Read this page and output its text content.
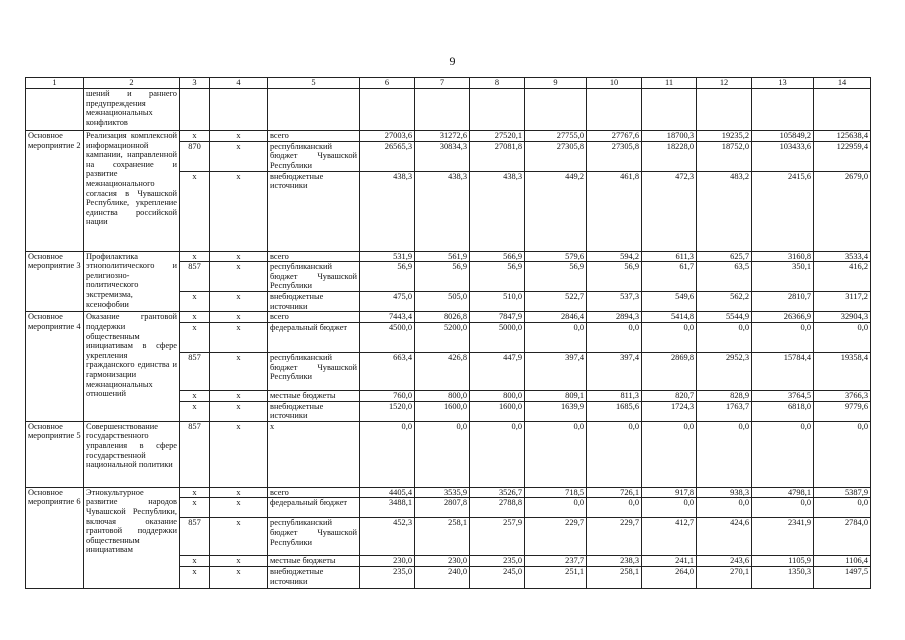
9
1	2	3	4	5	6	7	8	9	10	11	12	13	14
	шений и раннего предупреждения межнациональных конфликтов												
Основное мероприятие 2	Реализация комплексной информационной кампании, направленной на сохранение и развитие межнационального согласия в Чувашской Республике, укрепление единства российской нации	х	х	всего	27003,6	31272,6	27520,1	27755,0	27767,6	18700,3	19235,2	105849,2	125638,4
		870	х	республиканский бюджет Чувашской Республики	26565,3	30834,3	27081,8	27305,8	27305,8	18228,0	18752,0	103433,6	122959,4
		х	х	внебюджетные источники	438,3	438,3	438,3	449,2	461,8	472,3	483,2	2415,6	2679,0
Основное мероприятие 3	Профилактика этнополитического и религиозно-политического экстремизма, ксенофобии	х	х	всего	531,9	561,9	566,9	579,6	594,2	611,3	625,7	3160,8	3533,4
		857	х	республиканский бюджет Чувашской Республики	56,9	56,9	56,9	56,9	56,9	61,7	63,5	350,1	416,2
		х	х	внебюджетные источники	475,0	505,0	510,0	522,7	537,3	549,6	562,2	2810,7	3117,2
Основное мероприятие 4	Оказание грантовой поддержки общественным инициативам в сфере укрепления гражданского единства и гармонизации межнациональных отношений	х	х	всего	7443,4	8026,8	7847,9	2846,4	2894,3	5414,8	5544,9	26366,9	32904,3
		х	х	федеральный бюджет	4500,0	5200,0	5000,0	0,0	0,0	0,0	0,0	0,0	0,0
		857	х	республиканский бюджет Чувашской Республики	663,4	426,8	447,9	397,4	397,4	2869,8	2952,3	15784,4	19358,4
		х	х	местные бюджеты	760,0	800,0	800,0	809,1	811,3	820,7	828,9	3764,5	3766,3
		х	х	внебюджетные источники	1520,0	1600,0	1600,0	1639,9	1685,6	1724,3	1763,7	6818,0	9779,6
Основное мероприятие 5	Совершенствование государственного управления в сфере государственной национальной политики	857	х	х	0,0	0,0	0,0	0,0	0,0	0,0	0,0	0,0	0,0
Основное мероприятие 6	Этнокультурное развитие народов Чувашской Республики, включая оказание грантовой поддержки общественным инициативам	х	х	всего	4405,4	3535,9	3526,7	718,5	726,1	917,8	938,3	4798,1	5387,9
		х	х	федеральный бюджет	3488,1	2807,8	2788,8	0,0	0,0	0,0	0,0	0,0	0,0
		857	х	республиканский бюджет Чувашской Республики	452,3	258,1	257,9	229,7	229,7	412,7	424,6	2341,9	2784,0
		х	х	местные бюджеты	230,0	230,0	235,0	237,7	238,3	241,1	243,6	1105,9	1106,4
		х	х	внебюджетные источники	235,0	240,0	245,0	251,1	258,1	264,0	270,1	1350,3	1497,5
